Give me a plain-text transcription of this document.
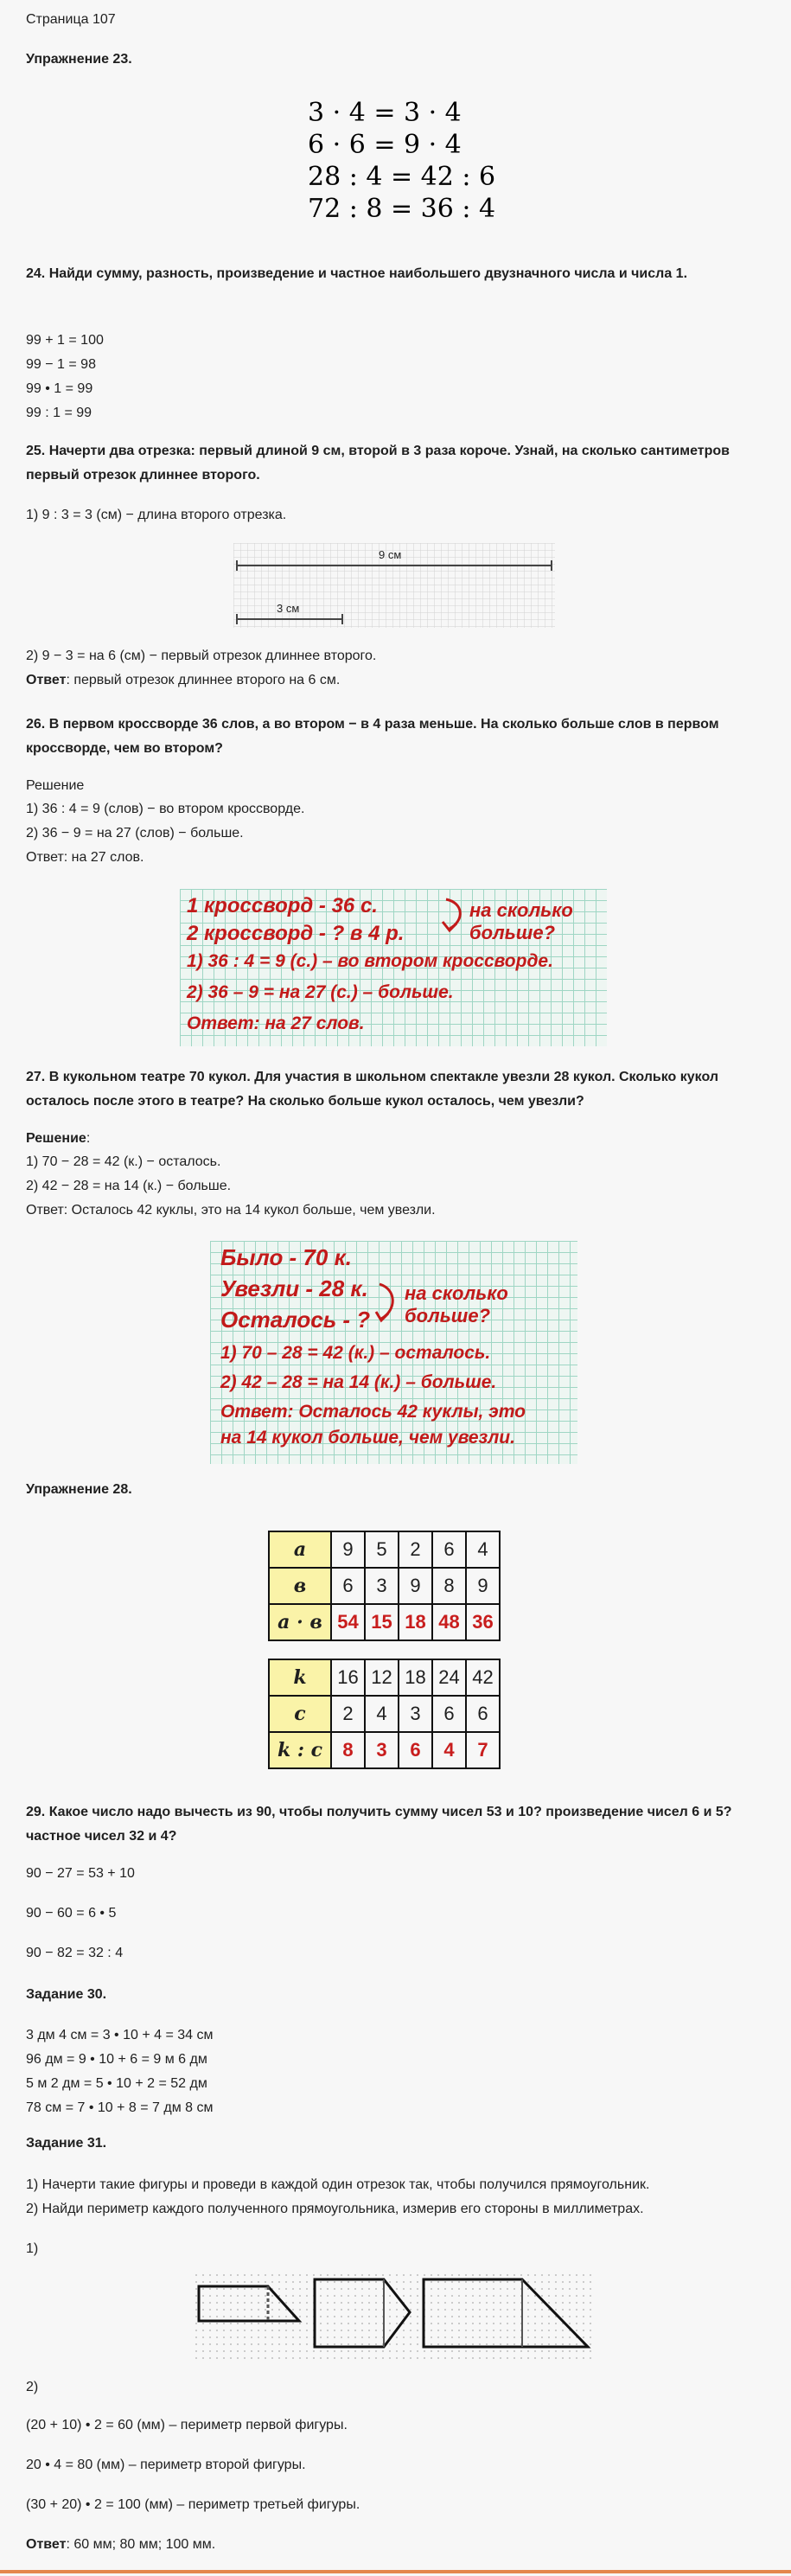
Страница 107

Упражнение 23.

3 · 4 = 3 · 4
6 · 6 = 9 · 4
28 : 4 = 42 : 6
72 : 8 = 36 : 4

24. Найди сумму, разность, произведение и частное наибольшего двузначного числа и числа 1.

99 + 1 = 100

99 − 1 = 98

99 • 1 = 99

99 : 1 = 99

25. Начерти два отрезка: первый длиной 9 см, второй в 3 раза короче. Узнай, на сколько сантиметров первый отрезок длиннее второго.

1) 9 : 3 = 3 (см) − длина второго отрезка.

9 см
3 см

2) 9 − 3 = на 6 (см) − первый отрезок длиннее второго.

Ответ: первый отрезок длиннее второго на 6 см.

26. В первом кроссворде 36 слов, а во втором − в 4 раза меньше. На сколько больше слов в первом кроссворде, чем во втором?

Решение

1) 36 : 4 = 9 (слов) − во втором кроссворде.

2) 36 − 9 = на 27 (слов) − больше.

Ответ: на 27 слов.

1 кроссворд - 36 с.
2 кроссворд - ? в 4 р.
на сколько
больше?
1) 36 : 4 = 9 (с.) – во втором кроссворде.
2) 36 – 9 = на 27 (с.) – больше.
Ответ: на 27 слов.

27. В кукольном театре 70 кукол. Для участия в школьном спектакле увезли 28 кукол. Сколько кукол осталось после этого в театре? На сколько больше кукол осталось, чем увезли?

Решение:

1) 70 − 28 = 42 (к.) − осталось.

2) 42 − 28 = на 14 (к.) − больше.

Ответ: Осталось 42 куклы, это на 14 кукол больше, чем увезли.

Было - 70 к.
Увезли - 28 к.
Осталось - ?
на сколько
больше?
1) 70 – 28 = 42 (к.) – осталось.
2) 42 – 28 = на 14 (к.) – больше.
Ответ: Осталось 42 куклы, это
на 14 кукол больше, чем увезли.

Упражнение 28.

a	9	5	2	6	4
в	6	3	9	8	9
a · в	54	15	18	48	36
k	16	12	18	24	42
c	2	4	3	6	6
k : c	8	3	6	4	7

29. Какое число надо вычесть из 90, чтобы получить сумму чисел 53 и 10? произведение чисел 6 и 5? частное чисел 32 и 4?

90 − 27 = 53 + 10

90 − 60 = 6 • 5

90 − 82 = 32 : 4

Задание 30.

3 дм 4 см = 3 • 10 + 4 = 34 см

96 дм = 9 • 10 + 6 = 9 м 6 дм

5 м 2 дм = 5 • 10 + 2 = 52 дм

78 см = 7 • 10 + 8 = 7 дм 8 см

Задание 31.

1) Начерти такие фигуры и проведи в каждой один отрезок так, чтобы получился прямоугольник.

2) Найди периметр каждого полученного прямоугольника, измерив его стороны в миллиметрах.

1)

2)

(20 + 10) • 2 = 60 (мм) – периметр первой фигуры.

20 • 4 = 80 (мм) – периметр второй фигуры.

(30 + 20) • 2 = 100 (мм) – периметр третьей фигуры.

Ответ: 60 мм; 80 мм; 100 мм.
